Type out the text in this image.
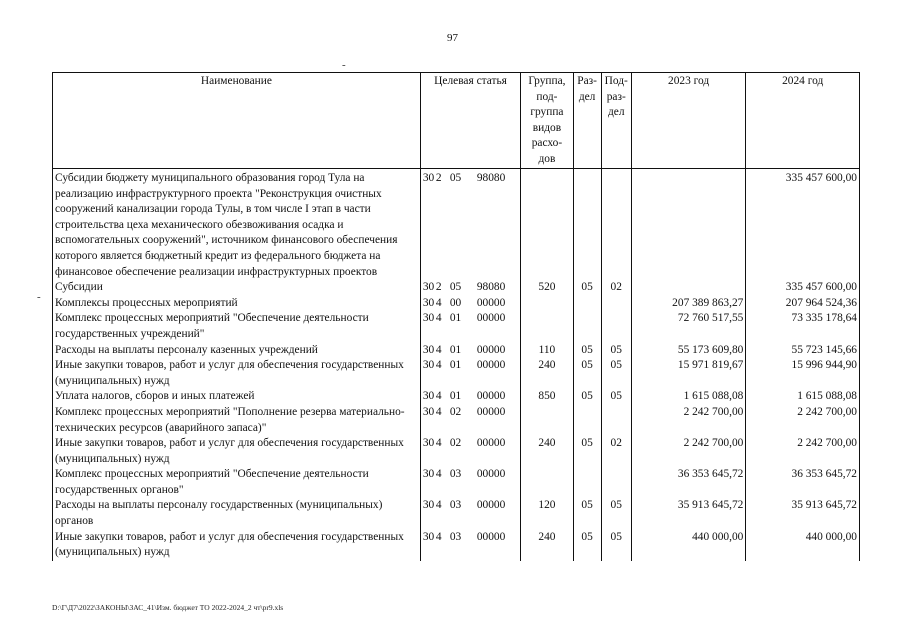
97
-
-
Наименование	Целевая статья	Группа, под- группа видов расхо- дов	Раз- дел	Под- раз- дел	2023 год	2024 год
Субсидии бюджету муниципального образования город Тула на реализацию инфраструктурного проекта "Реконструкция очистных сооружений канализации города Тулы, в том числе I этап в части строительства цеха механического обезвоживания осадка и вспомогательных сооружений", источником финансового обеспечения которого является бюджетный кредит из федерального бюджета на финансовое обеспечение реализации инфраструктурных проектов	30 2 05 98080					335 457 600,00
Субсидии	30 2 05 98080	520	05	02		335 457 600,00
Комплексы процессных мероприятий	30 4 00 00000				207 389 863,27	207 964 524,36
Комплекс процессных мероприятий "Обеспечение деятельности государственных учреждений"	30 4 01 00000				72 760 517,55	73 335 178,64
Расходы на выплаты персоналу казенных учреждений	30 4 01 00000	110	05	05	55 173 609,80	55 723 145,66
Иные закупки товаров, работ и услуг для обеспечения государственных (муниципальных) нужд	30 4 01 00000	240	05	05	15 971 819,67	15 996 944,90
Уплата налогов, сборов и иных платежей	30 4 01 00000	850	05	05	1 615 088,08	1 615 088,08
Комплекс процессных мероприятий "Пополнение резерва материально-технических ресурсов (аварийного запаса)"	30 4 02 00000				2 242 700,00	2 242 700,00
Иные закупки товаров, работ и услуг для обеспечения государственных (муниципальных) нужд	30 4 02 00000	240	05	02	2 242 700,00	2 242 700,00
Комплекс процессных мероприятий "Обеспечение деятельности государственных органов"	30 4 03 00000				36 353 645,72	36 353 645,72
Расходы на выплаты персоналу государственных (муниципальных) органов	30 4 03 00000	120	05	05	35 913 645,72	35 913 645,72
Иные закупки товаров, работ и услуг для обеспечения государственных (муниципальных) нужд	30 4 03 00000	240	05	05	440 000,00	440 000,00
D:\Г\Д7\2022\ЗАКОНЫ\ЗАС_41\Изм. бюджет ТО 2022-2024_2 чт\pr9.xls
